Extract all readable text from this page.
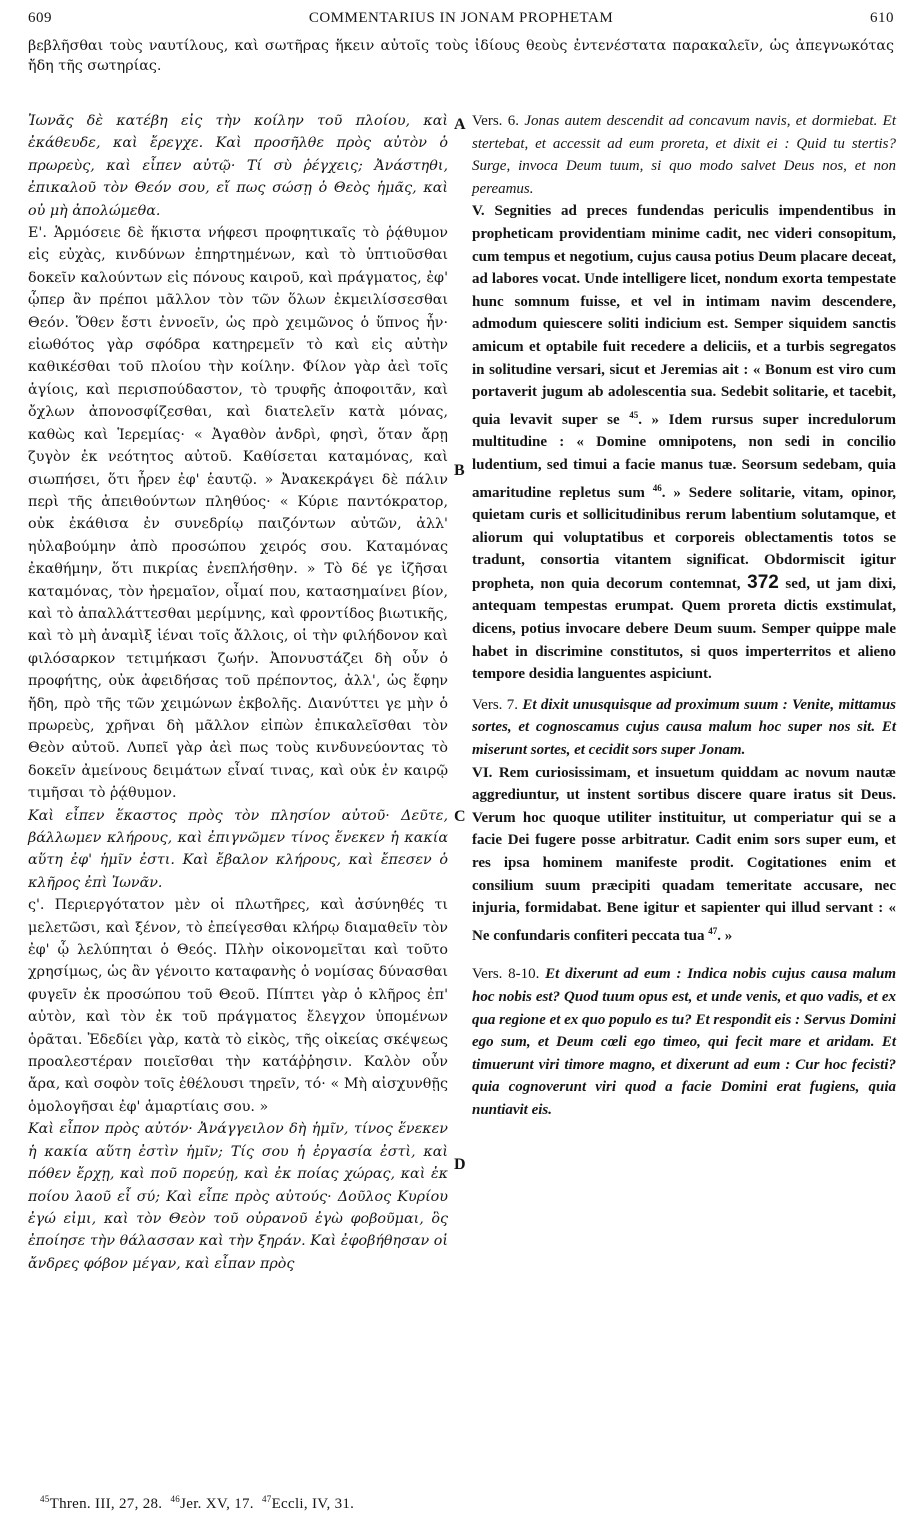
609	COMMENTARIUS IN JONAM PROPHETAM	610
βεβλῆσθαι τοὺς ναυτίλους, καὶ σωτῆρας ἥκειν αὐτοῖς τοὺς ἰδίους θεοὺς ἐντενέστατα παρακαλεῖν, ὡς ἀπεγνωκότας ἤδη τῆς σωτηρίας.

Ἰωνᾶς δὲ κατέβη εἰς τὴν κοίλην τοῦ πλοίου, καὶ ἐκάθευδε, καὶ ἔρεγχε. Καὶ προσῆλθε πρὸς αὐτὸν ὁ πρωρεὺς, καὶ εἶπεν αὐτῷ· Τί σὺ ῥέγχεις; Ἀνάστηθι, ἐπικαλοῦ τὸν Θεόν σου, εἴ πως σώσῃ ὁ Θεὸς ἡμᾶς, καὶ οὐ μὴ ἀπολώμεθα.

Ε'. Ἁρμόσειε δὲ ἥκιστα νήφεσι προφητικαῖς τὸ ῥᾴθυμον εἰς εὐχὰς, κινδύνων ἐπηρτημένων, καὶ τὸ ὑπτιοῦσθαι δοκεῖν καλούντων εἰς πόνους καιροῦ, καὶ πράγματος, ἐφ' ᾧπερ ἂν πρέποι μᾶλλον τὸν τῶν ὅλων ἐκμειλίσσεσθαι Θεόν. Ὅθεν ἔστι ἐννοεῖν, ὡς πρὸ χειμῶνος ὁ ὕπνος ἦν· εἰωθότος γὰρ σφόδρα κατηρεμεῖν τὸ καὶ εἰς αὐτὴν καθικέσθαι τοῦ πλοίου τὴν κοίλην. Φίλον γὰρ ἀεὶ τοῖς ἁγίοις, καὶ περισπούδαστον, τὸ τρυφῆς ἀποφοιτᾶν, καὶ ὄχλων ἀπονοσφίζεσθαι, καὶ διατελεῖν κατὰ μόνας, καθὼς καὶ Ἱερεμίας· « Ἀγαθὸν ἀνδρὶ, φησὶ, ὅταν ἄρῃ ζυγὸν ἐκ νεότητος αὐτοῦ. Καθίσεται καταμόνας, καὶ σιωπήσει, ὅτι ἦρεν ἐφ' ἑαυτῷ. » Ἀνακεκράγει δὲ πάλιν περὶ τῆς ἀπειθούντων πληθύος· « Κύριε παντόκρατορ, οὐκ ἐκάθισα ἐν συνεδρίῳ παιζόντων αὐτῶν, ἀλλ' ηὐλαβούμην ἀπὸ προσώπου χειρός σου. Καταμόνας ἐκαθήμην, ὅτι πικρίας ἐνεπλήσθην. » Τὸ δέ γε ἰζῆσαι καταμόνας, τὸν ἠρεμαῖον, οἶμαί που, κατασημαίνει βίον, καὶ τὸ ἀπαλλάττεσθαι μερίμνης, καὶ φροντίδος βιωτικῆς, καὶ τὸ μὴ ἀναμὶξ ἰέναι τοῖς ἄλλοις, οἱ τὴν φιλήδονον καὶ φιλόσαρκον τετιμήκασι ζωήν. Ἀπονυστάζει δὴ οὖν ὁ προφήτης, οὐκ ἀφειδήσας τοῦ πρέποντος, ἀλλ', ὡς ἔφην ἤδη, πρὸ τῆς τῶν χειμώνων ἐκβολῆς. Διανύττει γε μὴν ὁ πρωρεὺς, χρῆναι δὴ μᾶλλον εἰπὼν ἐπικαλεῖσθαι τὸν Θεὸν αὐτοῦ. Λυπεῖ γὰρ ἀεὶ πως τοὺς κινδυνεύοντας τὸ δοκεῖν ἀμείνους δειμάτων εἶναί τινας, καὶ οὐκ ἐν καιρῷ τιμῆσαι τὸ ῥᾴθυμον.

Καὶ εἶπεν ἕκαστος πρὸς τὸν πλησίον αὐτοῦ· Δεῦτε, βάλλωμεν κλήρους, καὶ ἐπιγνῶμεν τίνος ἕνεκεν ἡ κακία αὕτη ἐφ' ἡμῖν ἐστι. Καὶ ἔβαλον κλήρους, καὶ ἔπεσεν ὁ κλῆρος ἐπὶ Ἰωνᾶν.

ς'. Περιεργότατον μὲν οἱ πλωτῆρες, καὶ ἀσύνηθές τι μελετῶσι, καὶ ξένον, τὸ ἐπείγεσθαι κλήρῳ διαμαθεῖν τὸν ἐφ' ᾧ λελύπηται ὁ Θεός. Πλὴν οἰκονομεῖται καὶ τοῦτο χρησίμως, ὡς ἂν γένοιτο καταφανὴς ὁ νομίσας δύνασθαι φυγεῖν ἐκ προσώπου τοῦ Θεοῦ. Πίπτει γὰρ ὁ κλῆρος ἐπ' αὐτὸν, καὶ τὸν ἐκ τοῦ πράγματος ἔλεγχον ὑπομένων ὁρᾶται. Ἐδεδίει γὰρ, κατὰ τὸ εἰκὸς, τῆς οἰκείας σκέψεως προαλεστέραν ποιεῖσθαι τὴν κατάῤῥησιν. Καλὸν οὖν ἄρα, καὶ σοφὸν τοῖς ἐθέλουσι τηρεῖν, τό· « Μὴ αἰσχυνθῇς ὁμολογῆσαι ἐφ' ἁμαρτίαις σου. »

Καὶ εἶπον πρὸς αὐτόν· Ἀνάγγειλον δὴ ἡμῖν, τίνος ἕνεκεν ἡ κακία αὕτη ἐστὶν ἡμῖν; Τίς σου ἡ ἐργασία ἐστὶ, καὶ πόθεν ἔρχῃ, καὶ ποῦ πορεύῃ, καὶ ἐκ ποίας χώρας, καὶ ἐκ ποίου λαοῦ εἶ σύ; Καὶ εἶπε πρὸς αὐτούς· Δοῦλος Κυρίου ἐγώ εἰμι, καὶ τὸν Θεὸν τοῦ οὐρανοῦ ἐγὼ φοβοῦμαι, ὃς ἐποίησε τὴν θάλασσαν καὶ τὴν ξηράν. Καὶ ἐφοβήθησαν οἱ ἄνδρες φόβον μέγαν, καὶ εἶπαν πρὸς

A
B
C
D

Vers. 6. Jonas autem descendit ad concavum navis, et dormiebat. Et stertebat, et accessit ad eum proreta, et dixit ei : Quid tu stertis? Surge, invoca Deum tuum, si quo modo salvet Deus nos, et non pereamus.

V. Segnities ad preces fundendas periculis impendentibus in propheticam providentiam minime cadit, nec videri consopitum, cum tempus et negotium, cujus causa potius Deum placare deceat, ad labores vocat. Unde intelligere licet, nondum exorta tempestate hunc somnum fuisse, et vel in intimam navim descendere, admodum quiescere soliti indicium est. Semper siquidem sanctis amicum et optabile fuit recedere a deliciis, et a turbis segregatos in solitudine versari, sicut et Jeremias ait : « Bonum est viro cum portaverit jugum ab adolescentia sua. Sedebit solitarie, et tacebit, quia levavit super se $^{45}$. » Idem rursus super incredulorum multitudine : « Domine omnipotens, non sedi in concilio ludentium, sed timui a facie manus tuæ. Seorsum sedebam, quia amaritudine repletus sum $^{46}$. » Sedere solitarie, vitam, opinor, quietam curis et sollicitudinibus rerum labentium solutamque, et aliorum qui voluptatibus et corporeis oblectamentis totos se tradunt, consortia vitantem significat. Obdormiscit igitur propheta, non quia decorum contemnat, 372 sed, ut jam dixi, antequam tempestas erumpat. Quem proreta dictis exstimulat, dicens, potius invocare debere Deum suum. Semper quippe male habet in discrimine constitutos, si quos imperterritos et alieno tempore desidia languentes aspiciunt.

Vers. 7. Et dixit unusquisque ad proximum suum : Venite, mittamus sortes, et cognoscamus cujus causa malum hoc super nos sit. Et miserunt sortes, et cecidit sors super Jonam.

VI. Rem curiosissimam, et insuetum quiddam ac novum nautæ aggrediuntur, ut instent sortibus discere quare iratus sit Deus. Verum hoc quoque utiliter instituitur, ut comperiatur qui se a facie Dei fugere posse arbitratur. Cadit enim sors super eum, et res ipsa hominem manifeste prodit. Cogitationes enim et consilium suum præcipiti quadam temeritate accusare, nec injuria, formidabat. Bene igitur et sapienter qui illud servant : « Ne confundaris confiteri peccata tua $^{47}$. »

Vers. 8-10. Et dixerunt ad eum : Indica nobis cujus causa malum hoc nobis est? Quod tuum opus est, et unde venis, et quo vadis, et ex qua regione et ex quo populo es tu? Et respondit eis : Servus Domini ego sum, et Deum cœli ego timeo, qui fecit mare et aridam. Et timuerunt viri timore magno, et dixerunt ad eum : Cur hoc fecisti? quia cognoverunt viri quod a facie Domini erat fugiens, quia nuntiavit eis.

$^{45}$Thren. III, 27, 28. $^{46}$Jer. XV, 17. $^{47}$Eccli, IV, 31.
